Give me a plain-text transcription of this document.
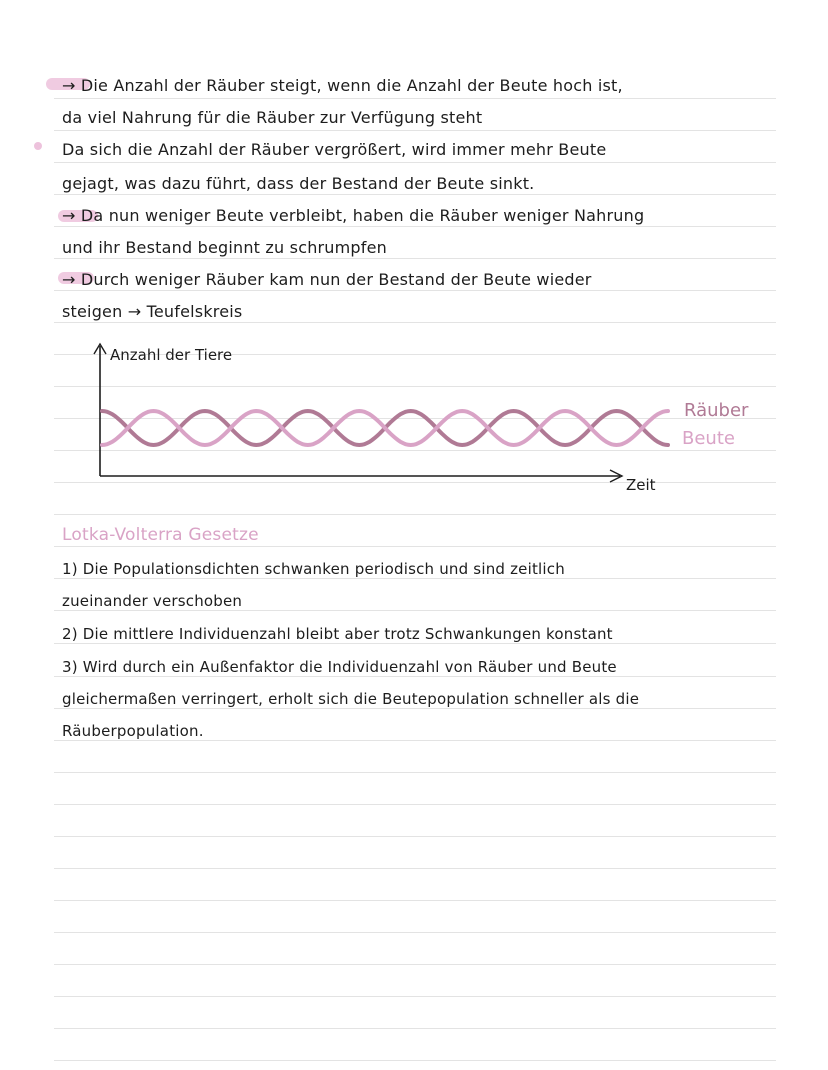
→ Die Anzahl der Räuber steigt, wenn die Anzahl der Beute hoch ist,
da viel Nahrung für die Räuber zur Verfügung steht
Da sich die Anzahl der Räuber vergrößert, wird immer mehr Beute
gejagt, was dazu führt, dass der Bestand der Beute sinkt.
→ Da nun weniger Beute verbleibt, haben die Räuber weniger Nahrung
und ihr Bestand beginnt zu schrumpfen
→ Durch weniger Räuber kam nun der Bestand der Beute wieder
steigen → Teufelskreis
Anzahl der Tiere
Zeit
Räuber
Beute
Lotka-Volterra Gesetze
1) Die Populationsdichten schwanken periodisch und sind zeitlich
zueinander verschoben
2) Die mittlere Individuenzahl bleibt aber trotz Schwankungen konstant
3) Wird durch ein Außenfaktor die Individuenzahl von Räuber und Beute
gleichermaßen verringert, erholt sich die Beutepopulation schneller als die
Räuberpopulation.
